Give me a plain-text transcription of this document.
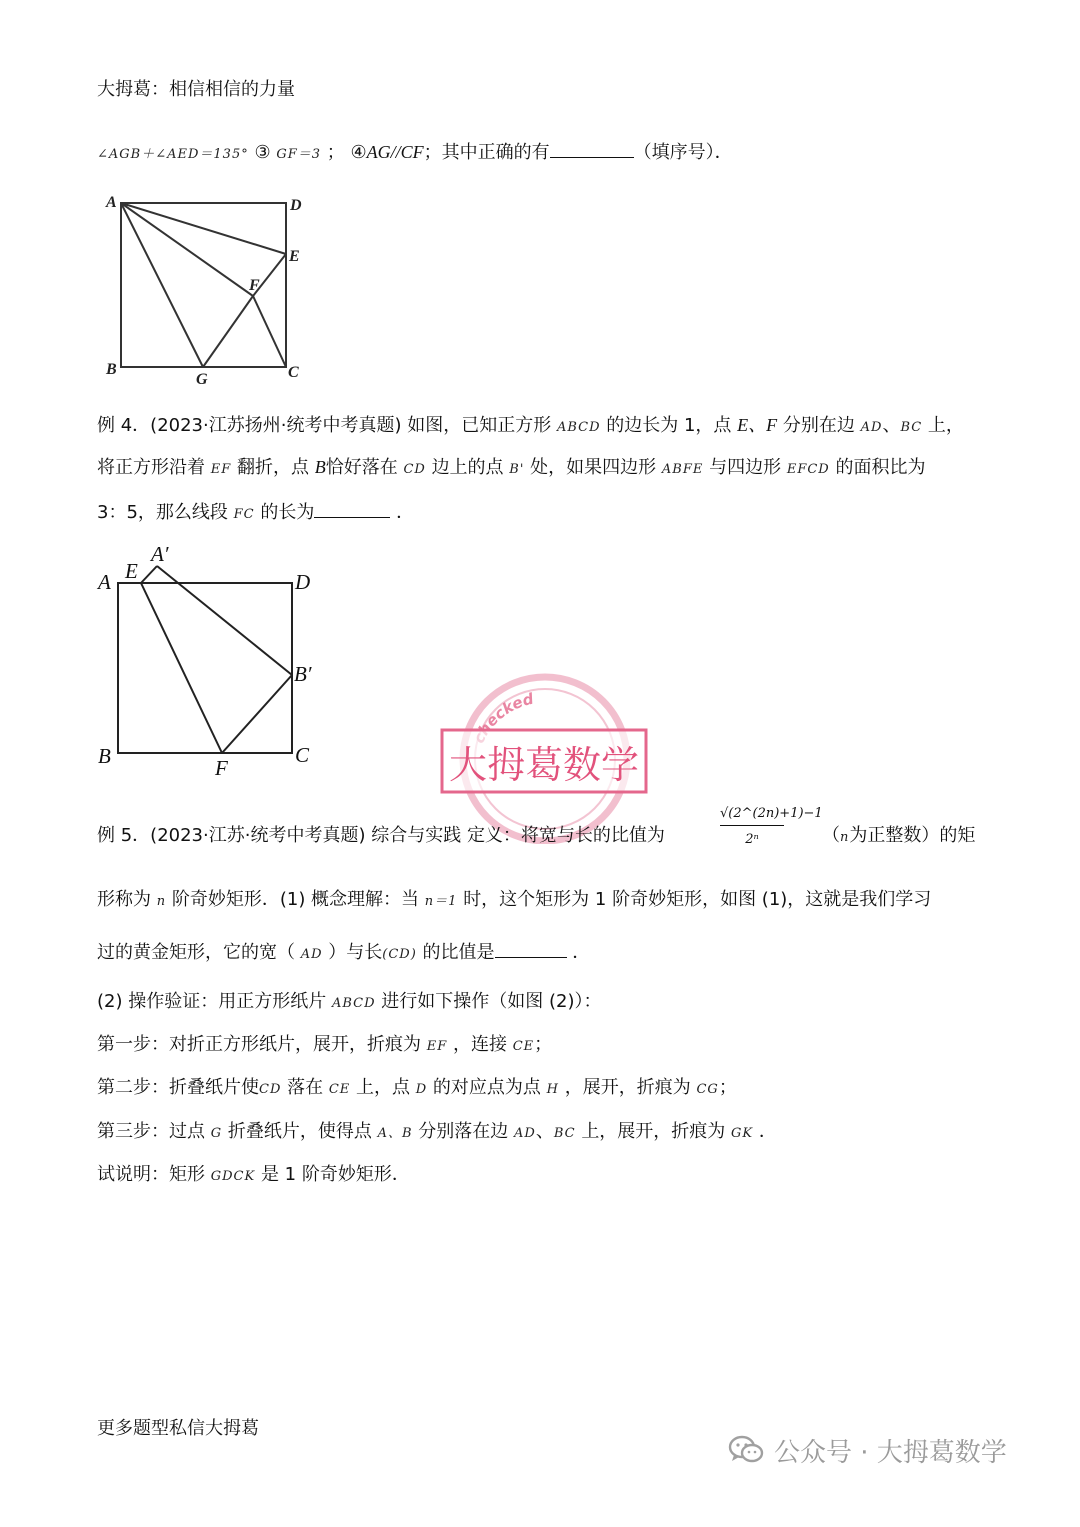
大拇葛：相信相信的力量
∠AGB＋∠AED＝135° ③ GF＝3 ； ④AG//CF；其中正确的有	（填序号）．
A	D
E
F
B
G	C
例 4．(2023·江苏扬州·统考中考真题) 如图，已知正方形 ABCD 的边长为 1，点 E、F 分别在边 AD、BC 上，
将正方形沿着 EF 翻折，点 B恰好落在 CD 边上的点 B' 处，如果四边形 ABFE 与四边形 EFCD 的面积比为
3：5，那么线段 FC 的长为	．
A E
A′
D
B′
B	F
C
ecked
大拇葛数学
例 5．(2023·江苏·统考中考真题) 综合与实践 定义：将宽与长的比值为	$\frac{√(2\^{}(2n)+1)-1}{\text{2ⁿ}} (n$为正整数）的矩
形称为 n 阶奇妙矩形．(1) 概念理解：当 n＝1 时，这个矩形为 1 阶奇妙矩形，如图 (1)，这就是我们学习
过的黄金矩形，它的宽（ AD ）与长(CD) 的比值是	．
(2) 操作验证：用正方形纸片 ABCD 进行如下操作（如图 (2)）：
第一步：对折正方形纸片，展开，折痕为 EF ，连接 CE；
第二步：折叠纸片使CD 落在 CE 上，点 D 的对应点为点 H ，展开，折痕为 CG；
第三步：过点 G 折叠纸片，使得点 A、B 分别落在边 AD、BC 上，展开，折痕为 GK ．
试说明：矩形 GDCK 是 1 阶奇妙矩形．
更多题型私信大拇葛
公众号 · 大拇葛数学
